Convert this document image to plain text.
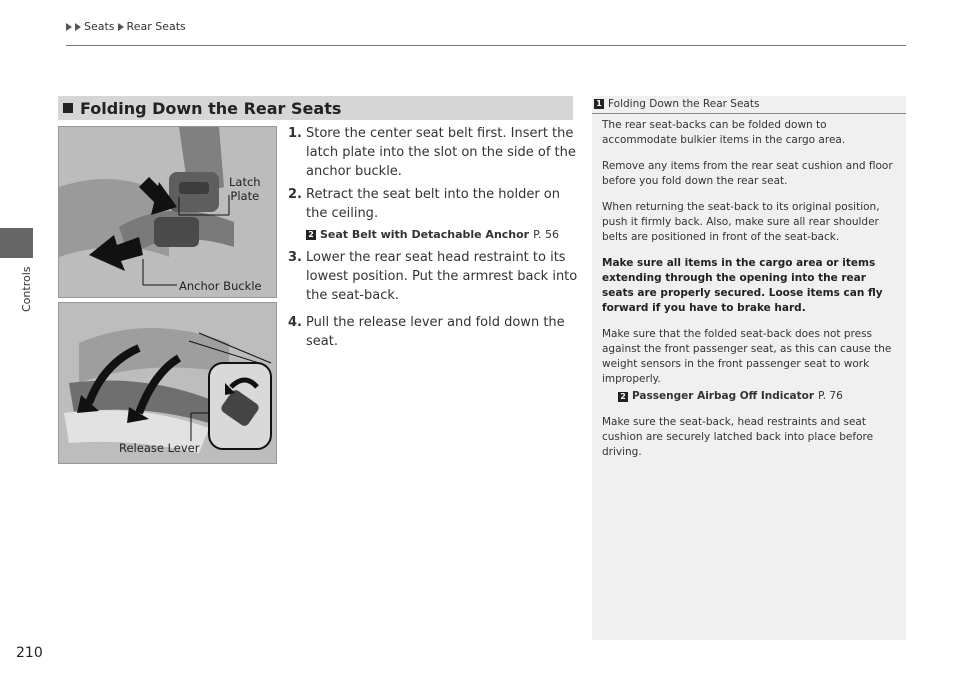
Seats Rear Seats
Controls
Folding Down the Rear Seats
Latch
Plate
Anchor Buckle
Release Lever
1. Store the center seat belt first. Insert the latch plate into the slot on the side of the anchor buckle.
2. Retract the seat belt into the holder on the ceiling.
2 Seat Belt with Detachable Anchor P. 56
3. Lower the rear seat head restraint to its lowest position. Put the armrest back into the seat-back.
4. Pull the release lever and fold down the seat.
1 Folding Down the Rear Seats

The rear seat-backs can be folded down to accommodate bulkier items in the cargo area.

Remove any items from the rear seat cushion and floor before you fold down the rear seat.

When returning the seat-back to its original position, push it firmly back. Also, make sure all rear shoulder belts are positioned in front of the seat-back.

Make sure all items in the cargo area or items extending through the opening into the rear seats are properly secured. Loose items can fly forward if you have to brake hard.

Make sure that the folded seat-back does not press against the front passenger seat, as this can cause the weight sensors in the front passenger seat to work improperly.

2 Passenger Airbag Off Indicator P. 76

Make sure the seat-back, head restraints and seat cushion are securely latched back into place before driving.

210
